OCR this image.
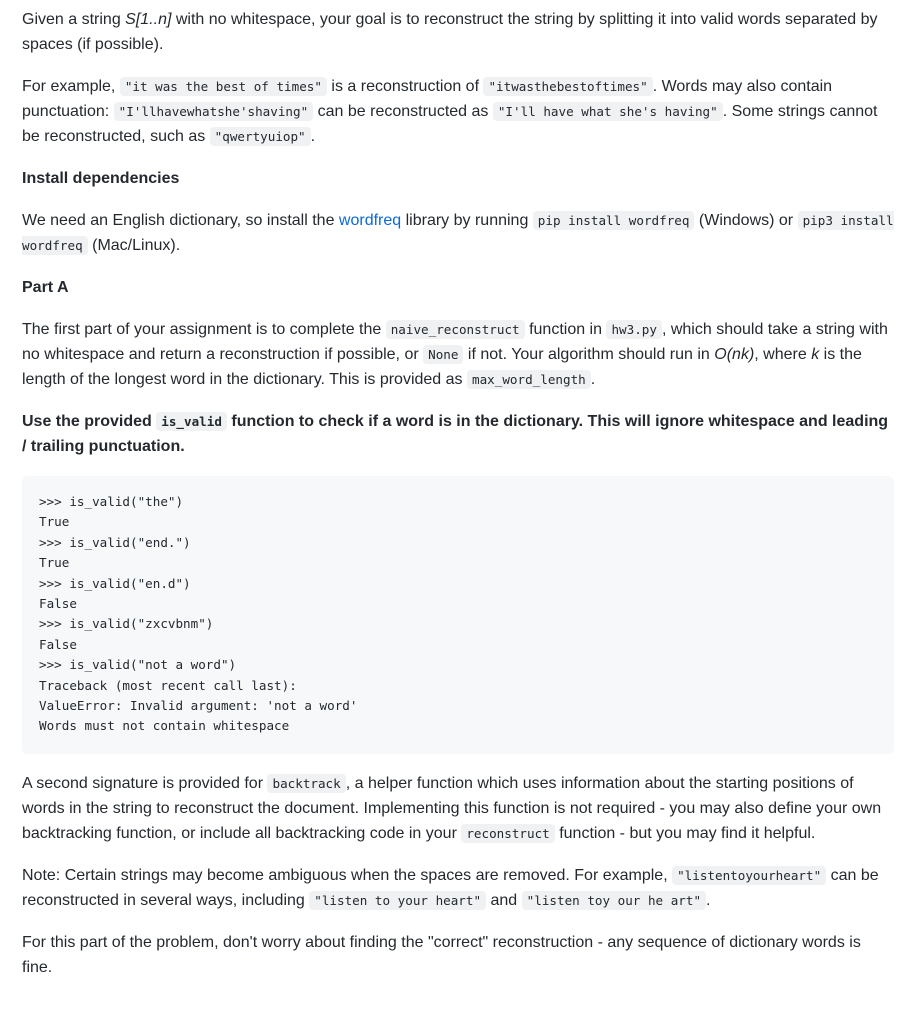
Given a string S[1..n] with no whitespace, your goal is to reconstruct the string by splitting it into valid words separated by spaces (if possible).

For example, "it was the best of times" is a reconstruction of "itwasthebestoftimes" . Words may also contain punctuation: "I'llhavewhatshe'shaving" can be reconstructed as "I'll have what she's having" . Some strings cannot be reconstructed, such as "qwertyuiop" .

Install dependencies

We need an English dictionary, so install the wordfreq library by running pip install wordfreq (Windows) or pip3 install wordfreq (Mac/Linux).

Part A

The first part of your assignment is to complete the naive_reconstruct function in hw3.py , which should take a string with no whitespace and return a reconstruction if possible, or None if not. Your algorithm should run in O(nk), where k is the length of the longest word in the dictionary. This is provided as max_word_length .

Use the provided is_valid function to check if a word is in the dictionary. This will ignore whitespace and leading / trailing punctuation.

>>> is_valid("the")
True
>>> is_valid("end.")
True
>>> is_valid("en.d")
False
>>> is_valid("zxcvbnm")
False
>>> is_valid("not a word")
Traceback (most recent call last):
ValueError: Invalid argument: 'not a word'
Words must not contain whitespace

A second signature is provided for backtrack , a helper function which uses information about the starting positions of words in the string to reconstruct the document. Implementing this function is not required - you may also define your own backtracking function, or include all backtracking code in your reconstruct function - but you may find it helpful.

Note: Certain strings may become ambiguous when the spaces are removed. For example, "listentoyourheart" can be reconstructed in several ways, including "listen to your heart" and "listen toy our he art" .

For this part of the problem, don't worry about finding the "correct" reconstruction - any sequence of dictionary words is fine.
